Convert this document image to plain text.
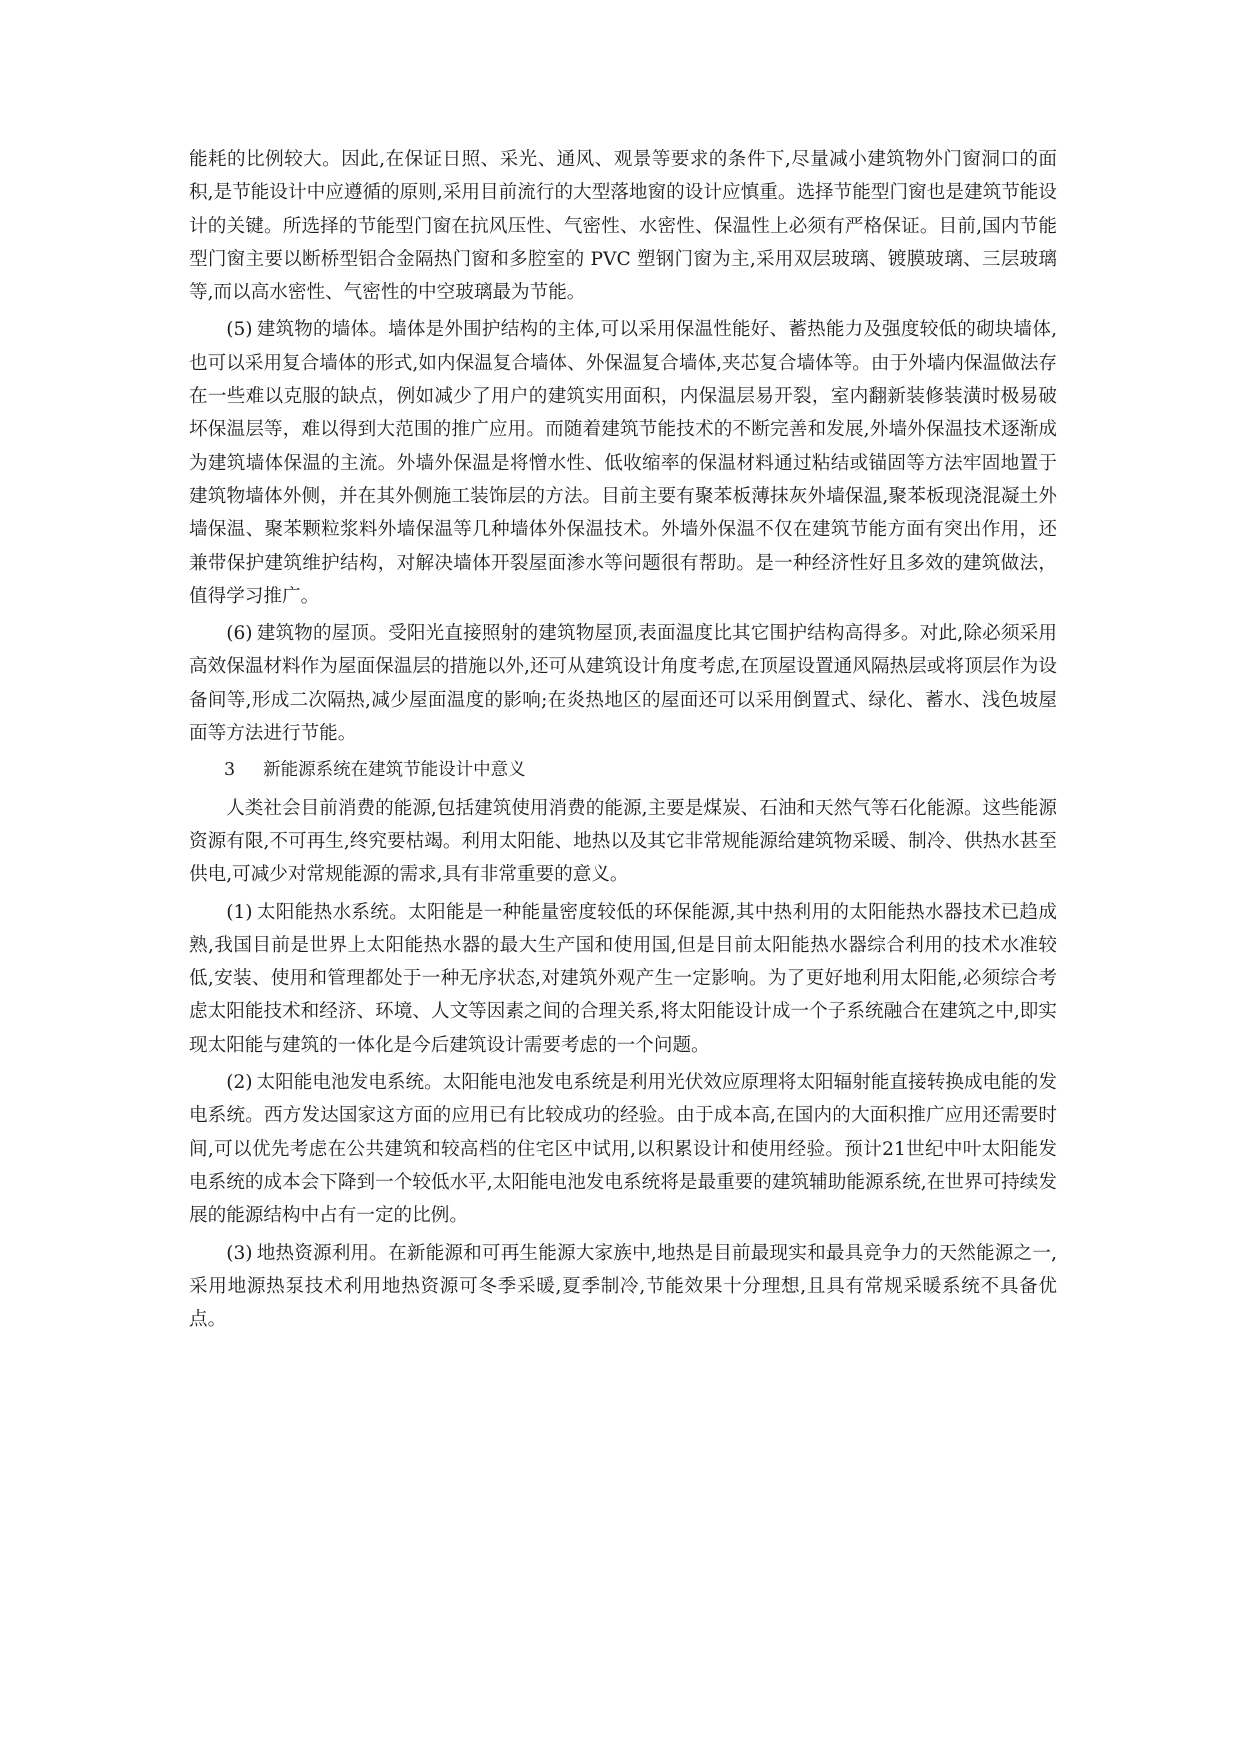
能耗的比例较大。因此,在保证日照、采光、通风、观景等要求的条件下,尽量减小建筑物外门窗洞口的面积,是节能设计中应遵循的原则,采用目前流行的大型落地窗的设计应慎重。选择节能型门窗也是建筑节能设计的关键。所选择的节能型门窗在抗风压性、气密性、水密性、保温性上必须有严格保证。目前,国内节能型门窗主要以断桥型铝合金隔热门窗和多腔室的 PVC 塑钢门窗为主,采用双层玻璃、镀膜玻璃、三层玻璃等,而以高水密性、气密性的中空玻璃最为节能。

(5) 建筑物的墙体。墙体是外围护结构的主体,可以采用保温性能好、蓄热能力及强度较低的砌块墙体,也可以采用复合墙体的形式,如内保温复合墙体、外保温复合墙体,夹芯复合墙体等。由于外墙内保温做法存在一些难以克服的缺点，例如减少了用户的建筑实用面积，内保温层易开裂，室内翻新装修装潢时极易破坏保温层等，难以得到大范围的推广应用。而随着建筑节能技术的不断完善和发展,外墙外保温技术逐渐成为建筑墙体保温的主流。外墙外保温是将憎水性、低收缩率的保温材料通过粘结或锚固等方法牢固地置于建筑物墙体外侧，并在其外侧施工装饰层的方法。目前主要有聚苯板薄抹灰外墙保温,聚苯板现浇混凝土外墙保温、聚苯颗粒浆料外墙保温等几种墙体外保温技术。外墙外保温不仅在建筑节能方面有突出作用，还兼带保护建筑维护结构，对解决墙体开裂屋面渗水等问题很有帮助。是一种经济性好且多效的建筑做法，值得学习推广。

(6) 建筑物的屋顶。受阳光直接照射的建筑物屋顶,表面温度比其它围护结构高得多。对此,除必须采用高效保温材料作为屋面保温层的措施以外,还可从建筑设计角度考虑,在顶屋设置通风隔热层或将顶层作为设备间等,形成二次隔热,减少屋面温度的影响;在炎热地区的屋面还可以采用倒置式、绿化、蓄水、浅色坡屋面等方法进行节能。

3 新能源系统在建筑节能设计中意义

人类社会目前消费的能源,包括建筑使用消费的能源,主要是煤炭、石油和天然气等石化能源。这些能源资源有限,不可再生,终究要枯竭。利用太阳能、地热以及其它非常规能源给建筑物采暖、制冷、供热水甚至供电,可减少对常规能源的需求,具有非常重要的意义。

(1) 太阳能热水系统。太阳能是一种能量密度较低的环保能源,其中热利用的太阳能热水器技术已趋成熟,我国目前是世界上太阳能热水器的最大生产国和使用国,但是目前太阳能热水器综合利用的技术水准较低,安装、使用和管理都处于一种无序状态,对建筑外观产生一定影响。为了更好地利用太阳能,必须综合考虑太阳能技术和经济、环境、人文等因素之间的合理关系,将太阳能设计成一个子系统融合在建筑之中,即实现太阳能与建筑的一体化是今后建筑设计需要考虑的一个问题。

(2) 太阳能电池发电系统。太阳能电池发电系统是利用光伏效应原理将太阳辐射能直接转换成电能的发电系统。西方发达国家这方面的应用已有比较成功的经验。由于成本高,在国内的大面积推广应用还需要时间,可以优先考虑在公共建筑和较高档的住宅区中试用,以积累设计和使用经验。预计21世纪中叶太阳能发电系统的成本会下降到一个较低水平,太阳能电池发电系统将是最重要的建筑辅助能源系统,在世界可持续发展的能源结构中占有一定的比例。

(3) 地热资源利用。在新能源和可再生能源大家族中,地热是目前最现实和最具竞争力的天然能源之一,采用地源热泵技术利用地热资源可冬季采暖,夏季制冷,节能效果十分理想,且具有常规采暖系统不具备优点。
